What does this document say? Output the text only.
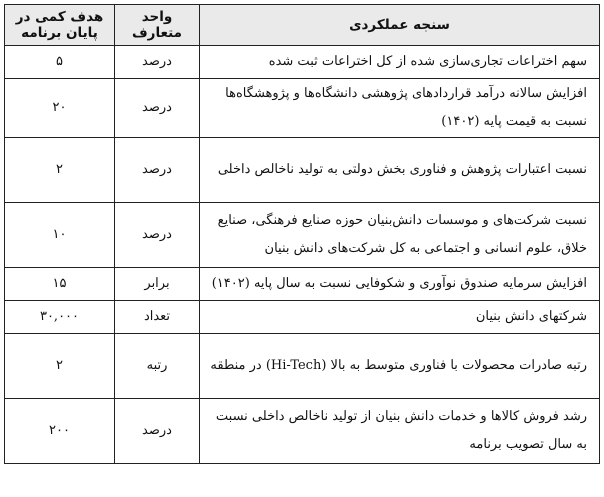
سنجه عملکردی	واحد متعارف	هدف کمی در پایان برنامه
سهم اختراعات تجاری‌سازی شده از کل اختراعات ثبت شده	درصد	۵
افزایش سالانه درآمد قراردادهای پژوهشی دانشگاه‌ها و پژوهشگاه‌ها نسبت به قیمت پایه (۱۴۰۲)	درصد	۲۰
نسبت اعتبارات پژوهش و فناوری بخش دولتی به تولید ناخالص داخلی	درصد	۲
نسبت شرکت‌های و موسسات دانش‌بنیان حوزه صنایع فرهنگی، صنایع خلاق، علوم انسانی و اجتماعی به کل شرکت‌های دانش بنیان	درصد	۱۰
افزایش سرمایه صندوق نوآوری و شکوفایی نسبت به سال پایه (۱۴۰۲)	برابر	۱۵
شرکتهای دانش بنیان	تعداد	۳۰,۰۰۰
رتبه صادرات محصولات با فناوری متوسط به بالا (Hi-Tech) در منطقه	رتبه	۲
رشد فروش کالاها و خدمات دانش بنیان از تولید ناخالص داخلی نسبت به سال تصویب برنامه	درصد	۲۰۰
